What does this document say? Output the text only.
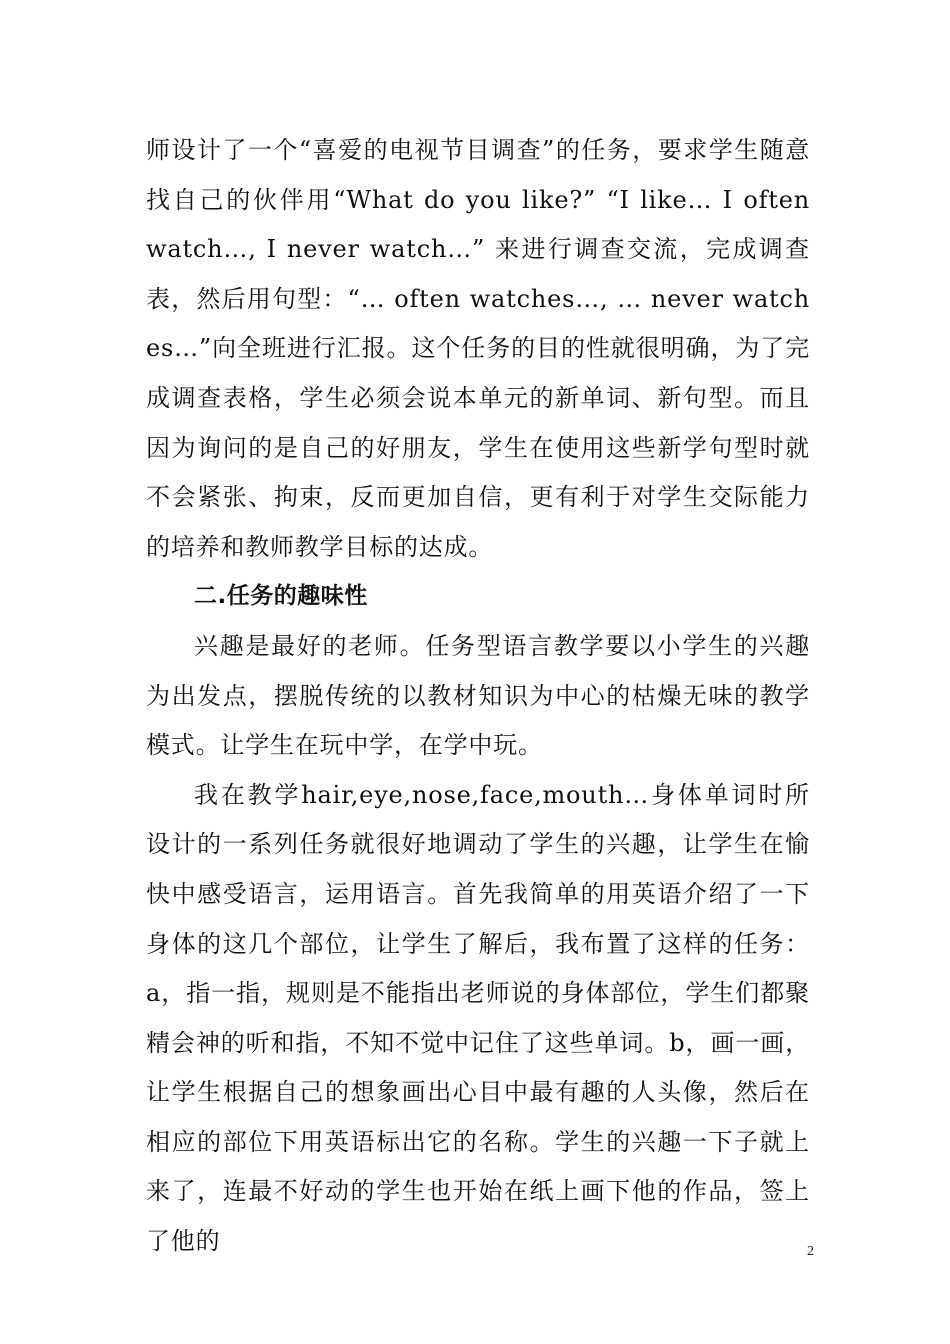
师设计了一个“喜爱的电视节目调查”的任务，要求学生随意找自己的伙伴用“What do you like?” “I like… I often watch…, I never watch…” 来进行调查交流，完成调查表，然后用句型：“… often watches…, … never watches…”向全班进行汇报。这个任务的目的性就很明确，为了完成调查表格，学生必须会说本单元的新单词、新句型。而且因为询问的是自己的好朋友，学生在使用这些新学句型时就不会紧张、拘束，反而更加自信，更有利于对学生交际能力的培养和教师教学目标的达成。

二.任务的趣味性

兴趣是最好的老师。任务型语言教学要以小学生的兴趣为出发点，摆脱传统的以教材知识为中心的枯燥无味的教学模式。让学生在玩中学，在学中玩。

我在教学hair,eye,nose,face,mouth…身体单词时所设计的一系列任务就很好地调动了学生的兴趣，让学生在愉快中感受语言，运用语言。首先我简单的用英语介绍了一下身体的这几个部位，让学生了解后，我布置了这样的任务：a，指一指，规则是不能指出老师说的身体部位，学生们都聚精会神的听和指，不知不觉中记住了这些单词。b，画一画，让学生根据自己的想象画出心目中最有趣的人头像，然后在相应的部位下用英语标出它的名称。学生的兴趣一下子就上来了，连最不好动的学生也开始在纸上画下他的作品，签上了他的	2
